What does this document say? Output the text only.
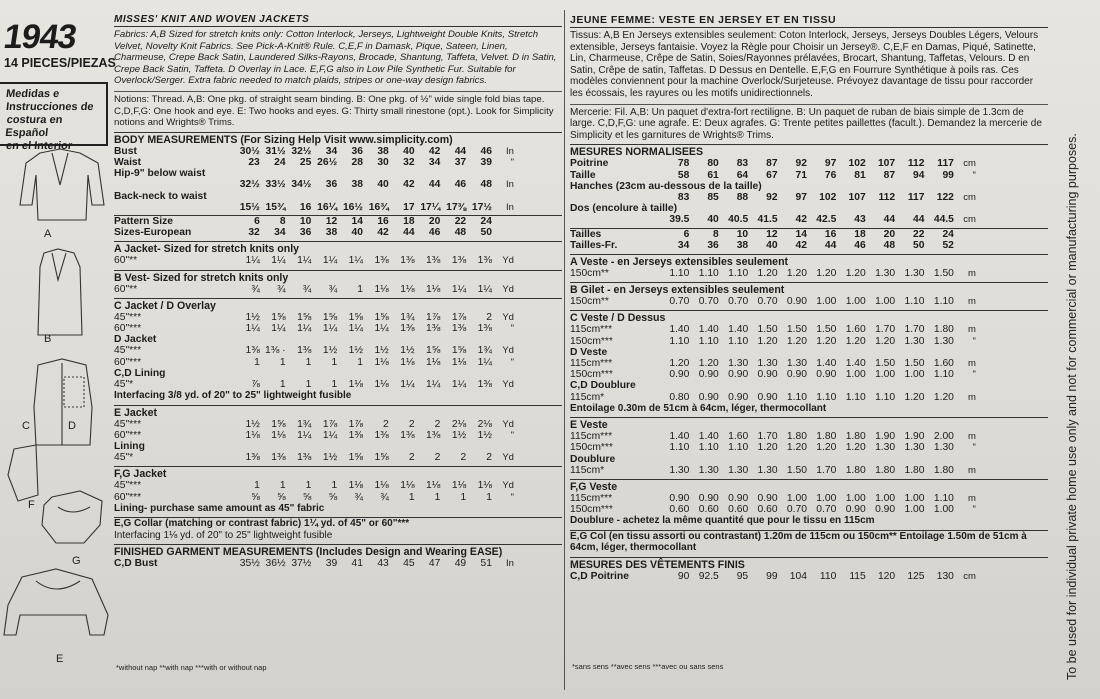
1943
14 PIECES/PIEZAS
Medidas e
Instrucciones de
costura en Español
en el Interior
A
B
C	D
F
G
E
MISSES' KNIT AND WOVEN JACKETS
Fabrics: A,B Sized for stretch knits only: Cotton Interlock, Jerseys, Lightweight Double Knits, Stretch Velvet, Novelty Knit Fabrics. See Pick-A-Knit® Rule. C,E,F in Damask, Pique, Sateen, Linen, Charmeuse, Crepe Back Satin, Laundered Silks-Rayons, Brocade, Shantung, Taffeta, Velvet. D in Satin, Crepe Back Satin, Taffeta. D Overlay in Lace. E,F,G also in Low Pile Synthetic Fur. Suitable for Overlock/Serger. Extra fabric needed to match plaids, stripes or one-way design fabrics.
Notions: Thread. A,B: One pkg. of straight seam binding. B: One pkg. of ½" wide single fold bias tape. C,D,F,G: One hook and eye. E: Two hooks and eyes. G: Thirty small rinestone (opt.). Look for Simplicity notions and Wrights® Trims.
BODY MEASUREMENTS (For Sizing Help Visit www.simplicity.com)
Bust	30½ 31½ 32½	34	36	38	40	42	44	46	In
Waist	23	24	25 26½	28	30	32	34	37	39	"
Hip-9" below waist
32½ 33½ 34½	36	38	40	42	44	46	48	In
Back-neck to waist
15½ 15¾	16 16¼ 16½ 16¾	17 17¼ 17⅜ 17½	In
Pattern Size	6	8	10	12	14	16	18	20	22	24
Sizes-European	32	34	36	38	40	42	44	46	48	50
A Jacket- Sized for stretch knits only
60"**	1¼	1¼	1¼	1¼	1¼	1⅜	1⅜	1⅜	1⅜	1⅜	Yd
B Vest- Sized for stretch knits only
60"**	¾	¾	¾	¾	1	1⅛	1⅛	1⅛	1¼	1¼	Yd
C Jacket / D Overlay
45"***	1½	1⅝	1⅝	1⅝	1⅝	1⅝	1¾	1⅞	1⅞	2	Yd
60"***	1¼	1¼	1¼	1¼	1¼	1¼	1⅜	1⅜	1⅜	1⅜	"
D Jacket
45"***	1⅜ 1⅜ ·	1⅜	1½	1½	1½	1½	1⅝	1⅝	1¾	Yd
60"***	1	1	1	1	1	1⅛	1⅛	1⅛	1⅛	1¼	"
C,D Lining
45"*	⅞	1	1	1	1⅛	1⅛	1¼	1¼	1¼	1⅜	Yd
Interfacing 3/8 yd. of 20" to 25" lightweight fusible
E Jacket
45"***	1½	1⅝	1¾	1⅞	1⅞	2	2	2	2⅛	2⅛	Yd
60"***	1⅛	1⅛	1¼	1¼	1⅜	1⅜	1⅜	1⅜	1½	1½	"
Lining
45"*	1⅜	1⅜	1⅜	1½	1⅝	1⅝	2	2	2	2	Yd
F,G Jacket
45"***	1	1	1	1	1⅛	1⅛	1⅛	1⅛	1⅛	1⅛	Yd
60"***	⅝	⅝	⅝	⅝	¾	¾	1	1	1	1	"
Lining- purchase same amount as 45" fabric
E,G Collar (matching or contrast fabric) 1¼ yd. of 45" or 60"***
Interfacing 1⅛ yd. of 20" to 25" lightweight fusible
FINISHED GARMENT MEASUREMENTS (Includes Design and Wearing EASE)
C,D Bust	35½ 36½ 37½	39	41	43	45	47	49	51	In
JEUNE FEMME: VESTE EN JERSEY ET EN TISSU
Tissus: A,B En Jerseys extensibles seulement: Coton Interlock, Jerseys, Jerseys Doubles Légers, Velours extensible, Jerseys fantaisie. Voyez la Règle pour Choisir un Jersey®. C,E,F en Damas, Piqué, Satinette, Lin, Charmeuse, Crêpe de Satin, Soies/Rayonnes prélavées, Brocart, Shantung, Taffetas, Velours. D en Satin, Crêpe de satin, Taffetas. D Dessus en Dentelle. E,F,G en Fourrure Synthétique à poils ras. Ces modèles conviennent pour la machine Overlock/Surjeteuse. Prévoyez davantage de tissu pour raccorder les écossais, les rayures ou les motifs unidirectionnels.
Mercerie: Fil. A,B: Un paquet d'extra-fort rectiligne. B: Un paquet de ruban de biais simple de 1.3cm de large. C,D,F,G: une agrafe. E: Deux agrafes. G: Trente petites paillettes (facult.). Demandez la mercerie de Simplicity et les garnitures de Wrights® Trims.
MESURES NORMALISEES
Poitrine	78	80	83	87	92	97	102	107	112	117 cm
Taille	58	61	64	67	71	76	81	87	94	99	"
Hanches (23cm au-dessous de la taille)
83	85	88	92	97	102	107	112	117	122 cm
Dos (encolure à taille)
39.5	40 40.5 41.5	42 42.5	43	44	44 44.5 cm
Tailles	6	8	10	12	14	16	18	20	22	24
Tailles-Fr.	34	36	38	40	42	44	46	48	50	52
A Veste - en Jerseys extensibles seulement
150cm**	1.10 1.10 1.10 1.20 1.20 1.20 1.20 1.30 1.30 1.50	m
B Gilet - en Jerseys extensibles seulement
150cm**	0.70 0.70 0.70 0.70 0.90 1.00 1.00 1.00 1.10 1.10	m
C Veste / D Dessus
115cm***	1.40 1.40 1.40 1.50 1.50 1.50 1.60 1.70 1.70 1.80	m
150cm***	1.10 1.10 1.10 1.20 1.20 1.20 1.20 1.20 1.30 1.30	"
D Veste
115cm***	1.20 1.20 1.30 1.30 1.30 1.40 1.40 1.50 1.50 1.60	m
150cm***	0.90 0.90 0.90 0.90 0.90 0.90 1.00 1.00 1.00 1.10	"
C,D Doublure
115cm*	0.80 0.90 0.90 0.90 1.10 1.10 1.10 1.10 1.20 1.20	m
Entoilage 0.30m de 51cm à 64cm, léger, thermocollant
E Veste
115cm***	1.40 1.40 1.60 1.70 1.80 1.80 1.80 1.90 1.90 2.00	m
150cm***	1.10 1.10 1.10 1.20 1.20 1.20 1.20 1.30 1.30 1.30	"
Doublure
115cm*	1.30 1.30 1.30 1.30 1.50 1.70 1.80 1.80 1.80 1.80	m
F,G Veste
115cm***	0.90 0.90 0.90 0.90 1.00 1.00 1.00 1.00 1.00 1.10	m
150cm***	0.60 0.60 0.60 0.60 0.70 0.70 0.90 0.90 1.00 1.00	"
Doublure - achetez la même quantité que pour le tissu en 115cm
E,G Col (en tissu assorti ou contrastant) 1.20m de 115cm ou 150cm** Entoilage 1.50m de 51cm à 64cm, léger, thermocollant
MESURES DES VÊTEMENTS FINIS
C,D Poitrine	90 92.5	95	99	104	110	115	120	125	130 cm
*without nap **with nap ***with or without nap	*sans sens **avec sens ***avec ou sans sens	To be used for individual private home use only and not for commercial or manufacturing purposes.
